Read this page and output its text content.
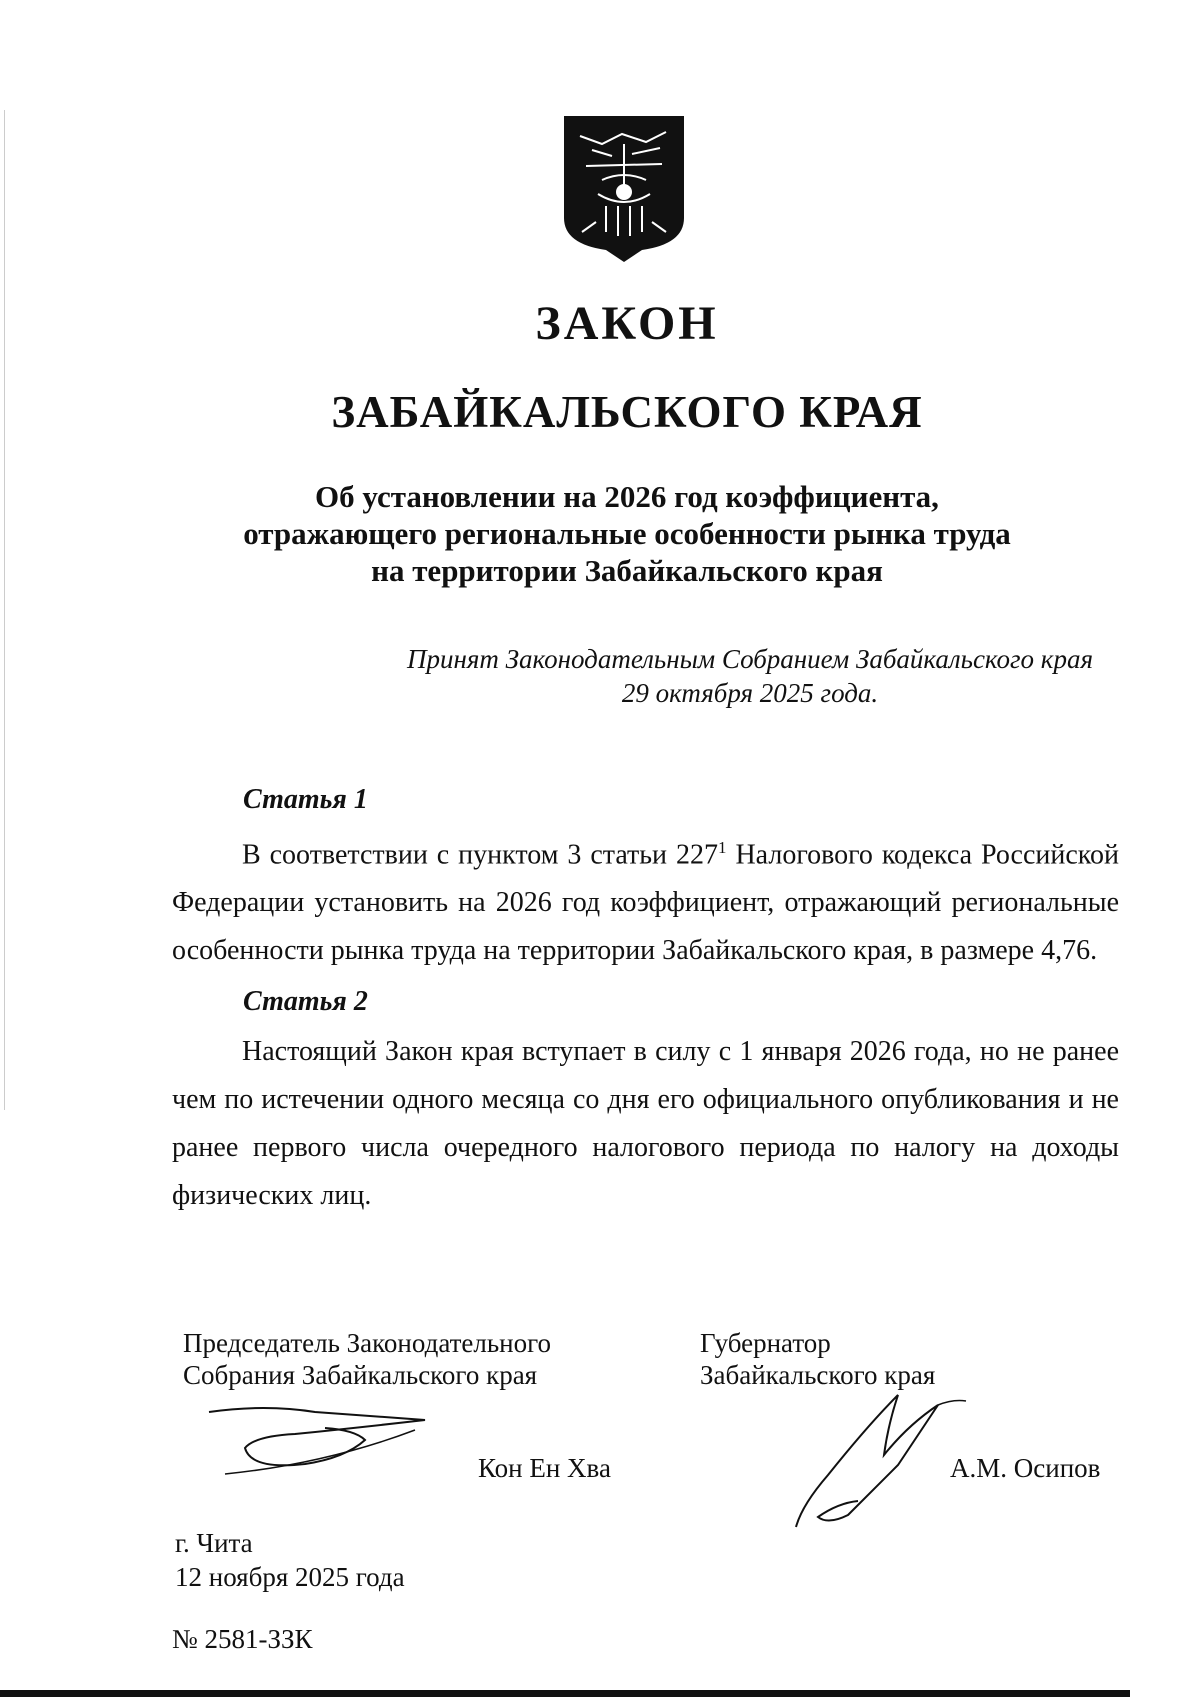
ЗАКОН
ЗАБАЙКАЛЬСКОГО КРАЯ
Об установлении на 2026 год коэффициента,
отражающего региональные особенности рынка труда
на территории Забайкальского края
Принят Законодательным Собранием Забайкальского края
29 октября 2025 года.
Статья 1
В соответствии с пунктом 3 статьи $227^1$ Налогового кодекса Российской Федерации установить на 2026 год коэффициент, отражающий региональные особенности рынка труда на территории Забайкальского края, в размере 4,76.
Статья 2
Настоящий Закон края вступает в силу с 1 января 2026 года, но не ранее чем по истечении одного месяца со дня его официального опубликования и не ранее первого числа очередного налогового периода по налогу на доходы физических лиц.
Председатель Законодательного
Собрания Забайкальского края
Губернатор
Забайкальского края
Кон Ен Хва	А.М. Осипов
г. Чита
12 ноября 2025 года
№ 2581-ЗЗК
